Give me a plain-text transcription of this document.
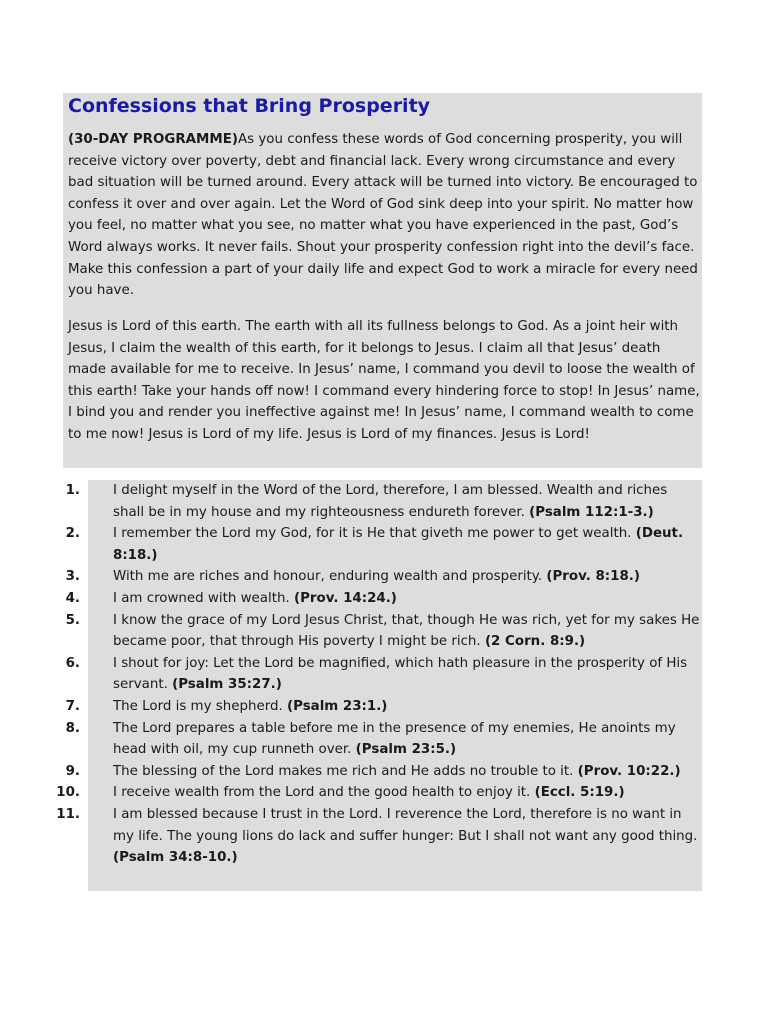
Confessions that Bring Prosperity

(30-DAY PROGRAMME)As you confess these words of God concerning prosperity, you will receive victory over poverty, debt and financial lack. Every wrong circumstance and every bad situation will be turned around. Every attack will be turned into victory. Be encouraged to confess it over and over again. Let the Word of God sink deep into your spirit. No matter how you feel, no matter what you see, no matter what you have experienced in the past, God’s Word always works. It never fails. Shout your prosperity confession right into the devil’s face. Make this confession a part of your daily life and expect God to work a miracle for every need you have.

Jesus is Lord of this earth. The earth with all its fullness belongs to God. As a joint heir with Jesus, I claim the wealth of this earth, for it belongs to Jesus. I claim all that Jesus’ death made available for me to receive. In Jesus’ name, I command you devil to loose the wealth of this earth! Take your hands off now! I command every hindering force to stop! In Jesus’ name, I bind you and render you ineffective against me! In Jesus’ name, I command wealth to come to me now! Jesus is Lord of my life. Jesus is Lord of my finances. Jesus is Lord!

1. I delight myself in the Word of the Lord, therefore, I am blessed. Wealth and riches shall be in my house and my righteousness endureth forever. (Psalm 112:1-3.)
2. I remember the Lord my God, for it is He that giveth me power to get wealth. (Deut. 8:18.)
3. With me are riches and honour, enduring wealth and prosperity. (Prov. 8:18.)
4. I am crowned with wealth. (Prov. 14:24.)
5. I know the grace of my Lord Jesus Christ, that, though He was rich, yet for my sakes He became poor, that through His poverty I might be rich. (2 Corn. 8:9.)
6. I shout for joy: Let the Lord be magnified, which hath pleasure in the prosperity of His servant. (Psalm 35:27.)
7. The Lord is my shepherd. (Psalm 23:1.)
8. The Lord prepares a table before me in the presence of my enemies, He anoints my head with oil, my cup runneth over. (Psalm 23:5.)
9. The blessing of the Lord makes me rich and He adds no trouble to it. (Prov. 10:22.)
10. I receive wealth from the Lord and the good health to enjoy it. (Eccl. 5:19.)
11. I am blessed because I trust in the Lord. I reverence the Lord, therefore is no want in my life. The young lions do lack and suffer hunger: But I shall not want any good thing. (Psalm 34:8-10.)
